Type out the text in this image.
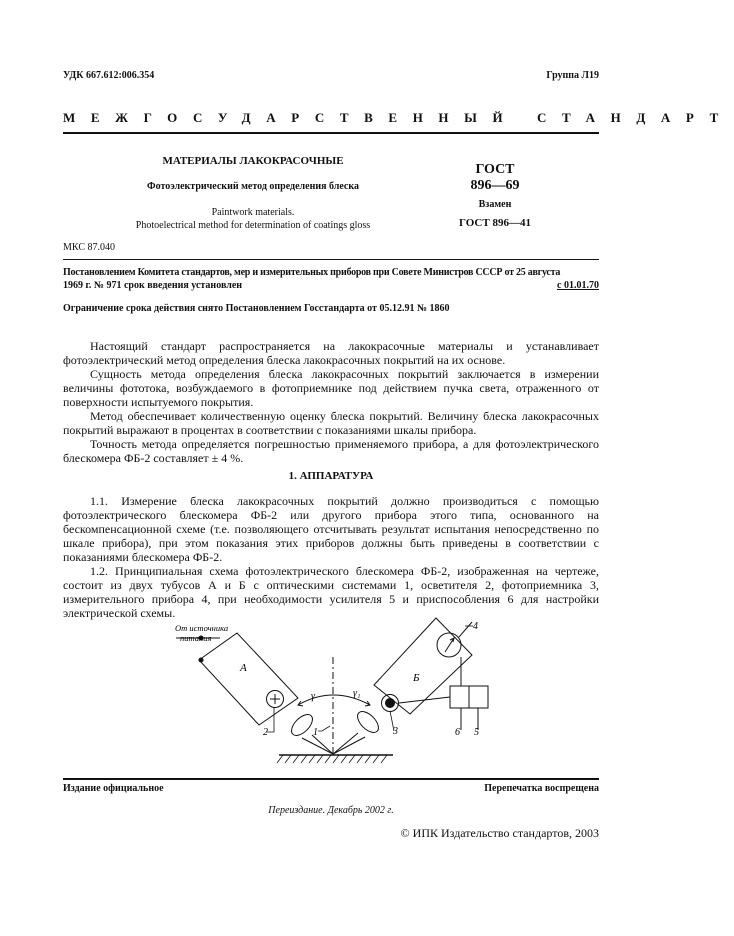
УДК 667.612:006.354	Группа Л19
МЕЖГОСУДАРСТВЕННЫЙ СТАНДАРТ
МАТЕРИАЛЫ ЛАКОКРАСОЧНЫЕ
Фотоэлектрический метод определения блеска
Paintwork materials.
Photoelectrical method for determination of coatings gloss
ГОСТ
896—69
Взамен
ГОСТ 896—41
МКС 87.040
Постановлением Комитета стандартов, мер и измерительных приборов при Совете Министров СССР от 25 августа
1969 г. № 971 срок введения установлен	с 01.01.70
Ограничение срока действия снято Постановлением Госстандарта от 05.12.91 № 1860

Настоящий стандарт распространяется на лакокрасочные материалы и устанавливает фотоэлектрический метод определения блеска лакокрасочных покрытий на их основе.

Сущность метода определения блеска лакокрасочных покрытий заключается в измерении величины фототока, возбуждаемого в фотоприемнике под действием пучка света, отраженного от поверхности испытуемого покрытия.

Метод обеспечивает количественную оценку блеска покрытий. Величину блеска лакокрасочных покрытий выражают в процентах в соответствии с показаниями шкалы прибора.

Точность метода определяется погрешностью применяемого прибора, а для фотоэлектрического блескомера ФБ-2 составляет ± 4 %.

1. АППАРАТУРА

1.1. Измерение блеска лакокрасочных покрытий должно производиться с помощью фотоэлектрического блескомера ФБ-2 или другого прибора этого типа, основанного на бескомпенсационной схеме (т.е. позволяющего отсчитывать результат испытания непосредственно по шкале прибора), при этом показания этих приборов должны быть приведены в соответствии с показаниями блескомера ФБ-2.

1.2. Принципиальная схема фотоэлектрического блескомера ФБ-2, изображенная на чертеже, состоит из двух тубусов А и Б с оптическими системами 1, осветителя 2, фотоприемника 3, измерительного прибора 4, при необходимости усилителя 5 и приспособления 6 для настройки электрической схемы.

От источника
питания
А
Б
γ	γ₁
1
2	3
4
5
6
Издание официальное	Перепечатка воспрещена
Переиздание. Декабрь 2002 г.
© ИПК Издательство стандартов, 2003
